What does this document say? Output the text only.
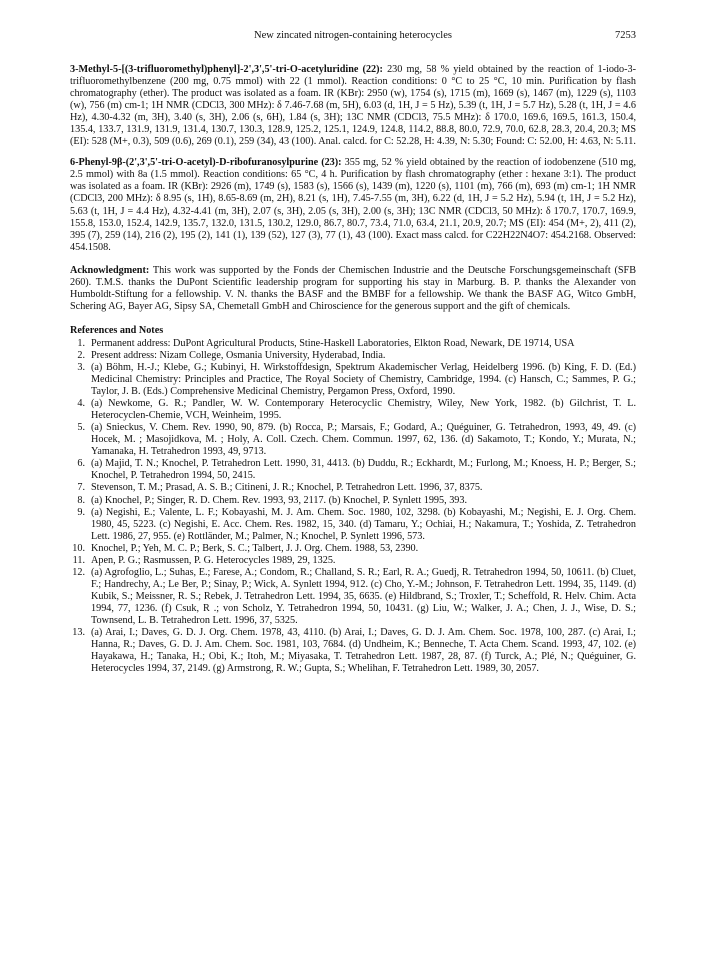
New zincated nitrogen-containing heterocycles	7253

3-Methyl-5-[(3-trifluoromethyl)phenyl]-2',3',5'-tri-O-acetyluridine (22): 230 mg, 58 % yield obtained by the reaction of 1-iodo-3-trifluoromethylbenzene (200 mg, 0.75 mmol) with 22 (1 mmol). Reaction conditions: 0 °C to 25 °C, 10 min. Purification by flash chromatography (ether). The product was isolated as a foam. IR (KBr): 2950 (w), 1754 (s), 1715 (m), 1669 (s), 1467 (m), 1229 (s), 1103 (w), 756 (m) cm-1; 1H NMR (CDCl3, 300 MHz): δ 7.46-7.68 (m, 5H), 6.03 (d, 1H, J = 5 Hz), 5.39 (t, 1H, J = 5.7 Hz), 5.28 (t, 1H, J = 4.6 Hz), 4.30-4.32 (m, 3H), 3.40 (s, 3H), 2.06 (s, 6H), 1.84 (s, 3H); 13C NMR (CDCl3, 75.5 MHz): δ 170.0, 169.6, 169.5, 161.3, 150.4, 135.4, 133.7, 131.9, 131.9, 131.4, 130.7, 130.3, 128.9, 125.2, 125.1, 124.9, 124.8, 114.2, 88.8, 80.0, 72.9, 70.0, 62.8, 28.3, 20.4, 20.3; MS (EI): 528 (M+, 0.3), 509 (0.6), 269 (0.1), 259 (34), 43 (100). Anal. calcd. for C: 52.28, H: 4.39, N: 5.30; Found: C: 52.00, H: 4.63, N: 5.11.

6-Phenyl-9β-(2',3',5'-tri-O-acetyl)-D-ribofuranosylpurine (23): 355 mg, 52 % yield obtained by the reaction of iodobenzene (510 mg, 2.5 mmol) with 8a (1.5 mmol). Reaction conditions: 65 °C, 4 h. Purification by flash chromatography (ether : hexane 3:1). The product was isolated as a foam. IR (KBr): 2926 (m), 1749 (s), 1583 (s), 1566 (s), 1439 (m), 1220 (s), 1101 (m), 766 (m), 693 (m) cm-1; 1H NMR (CDCl3, 200 MHz): δ 8.95 (s, 1H), 8.65-8.69 (m, 2H), 8.21 (s, 1H), 7.45-7.55 (m, 3H), 6.22 (d, 1H, J = 5.2 Hz), 5.94 (t, 1H, J = 5.2 Hz), 5.63 (t, 1H, J = 4.4 Hz), 4.32-4.41 (m, 3H), 2.07 (s, 3H), 2.05 (s, 3H), 2.00 (s, 3H); 13C NMR (CDCl3, 50 MHz): δ 170.7, 170.7, 169.9, 155.8, 153.0, 152.4, 142.9, 135.7, 132.0, 131.5, 130.2, 129.0, 86.7, 80.7, 73.4, 71.0, 63.4, 21.1, 20.9, 20.7; MS (EI): 454 (M+, 2), 411 (2), 395 (7), 259 (14), 216 (2), 195 (2), 141 (1), 139 (52), 127 (3), 77 (1), 43 (100). Exact mass calcd. for C22H22N4O7: 454.2168. Observed: 454.1508.

Acknowledgment: This work was supported by the Fonds der Chemischen Industrie and the Deutsche Forschungsgemeinschaft (SFB 260). T.M.S. thanks the DuPont Scientific leadership program for supporting his stay in Marburg. B. P. thanks the Alexander von Humboldt-Stiftung for a fellowship. V. N. thanks the BASF and the BMBF for a fellowship. We thank the BASF AG, Witco GmbH, Schering AG, Bayer AG, Sipsy SA, Chemetall GmbH and Chiroscience for the generous support and the gift of chemicals.

References and Notes
1. Permanent address: DuPont Agricultural Products, Stine-Haskell Laboratories, Elkton Road, Newark, DE 19714, USA
2. Present address: Nizam College, Osmania University, Hyderabad, India.
3. (a) Böhm, H.-J.; Klebe, G.; Kubinyi, H. Wirkstoffdesign, Spektrum Akademischer Verlag, Heidelberg 1996. (b) King, F. D. (Ed.) Medicinal Chemistry: Principles and Practice, The Royal Society of Chemistry, Cambridge, 1994. (c) Hansch, C.; Sammes, P. G.; Taylor, J. B. (Eds.) Comprehensive Medicinal Chemistry, Pergamon Press, Oxford, 1990.
4. (a) Newkome, G. R.; Pandler, W. W. Contemporary Heterocyclic Chemistry, Wiley, New York, 1982. (b) Gilchrist, T. L. Heterocyclen-Chemie, VCH, Weinheim, 1995.
5. (a) Snieckus, V. Chem. Rev. 1990, 90, 879. (b) Rocca, P.; Marsais, F.; Godard, A.; Quéguiner, G. Tetrahedron, 1993, 49, 49. (c) Hocek, M. ; Masojidkova, M. ; Holy, A. Coll. Czech. Chem. Commun. 1997, 62, 136. (d) Sakamoto, T.; Kondo, Y.; Murata, N.; Yamanaka, H. Tetrahedron 1993, 49, 9713.
6. (a) Majid, T. N.; Knochel, P. Tetrahedron Lett. 1990, 31, 4413. (b) Duddu, R.; Eckhardt, M.; Furlong, M.; Knoess, H. P.; Berger, S.; Knochel, P. Tetrahedron 1994, 50, 2415.
7. Stevenson, T. M.; Prasad, A. S. B.; Citineni, J. R.; Knochel, P. Tetrahedron Lett. 1996, 37, 8375.
8. (a) Knochel, P.; Singer, R. D. Chem. Rev. 1993, 93, 2117. (b) Knochel, P. Synlett 1995, 393.
9. (a) Negishi, E.; Valente, L. F.; Kobayashi, M. J. Am. Chem. Soc. 1980, 102, 3298. (b) Kobayashi, M.; Negishi, E. J. Org. Chem. 1980, 45, 5223. (c) Negishi, E. Acc. Chem. Res. 1982, 15, 340. (d) Tamaru, Y.; Ochiai, H.; Nakamura, T.; Yoshida, Z. Tetrahedron Lett. 1986, 27, 955. (e) Rottländer, M.; Palmer, N.; Knochel, P. Synlett 1996, 573.
10. Knochel, P.; Yeh, M. C. P.; Berk, S. C.; Talbert, J. J. Org. Chem. 1988, 53, 2390.
11. Apen, P. G.; Rasmussen, P. G. Heterocycles 1989, 29, 1325.
12. (a) Agrofoglio, L.; Suhas, E.; Farese, A.; Condom, R.; Challand, S. R.; Earl, R. A.; Guedj, R. Tetrahedron 1994, 50, 10611. (b) Cluet, F.; Handrechy, A.; Le Ber, P.; Sinay, P.; Wick, A. Synlett 1994, 912. (c) Cho, Y.-M.; Johnson, F. Tetrahedron Lett. 1994, 35, 1149. (d) Kubik, S.; Meissner, R. S.; Rebek, J. Tetrahedron Lett. 1994, 35, 6635. (e) Hildbrand, S.; Troxler, T.; Scheffold, R. Helv. Chim. Acta 1994, 77, 1236. (f) Csuk, R .; von Scholz, Y. Tetrahedron 1994, 50, 10431. (g) Liu, W.; Walker, J. A.; Chen, J. J., Wise, D. S.; Townsend, L. B. Tetrahedron Lett. 1996, 37, 5325.
13. (a) Arai, I.; Daves, G. D. J. Org. Chem. 1978, 43, 4110. (b) Arai, I.; Daves, G. D. J. Am. Chem. Soc. 1978, 100, 287. (c) Arai, I.; Hanna, R.; Daves, G. D. J. Am. Chem. Soc. 1981, 103, 7684. (d) Undheim, K.; Benneche, T. Acta Chem. Scand. 1993, 47, 102. (e) Hayakawa, H.; Tanaka, H.; Obi, K.; Itoh, M.; Miyasaka, T. Tetrahedron Lett. 1987, 28, 87. (f) Turck, A.; Plé, N.; Quéguiner, G. Heterocycles 1994, 37, 2149. (g) Armstrong, R. W.; Gupta, S.; Whelihan, F. Tetrahedron Lett. 1989, 30, 2057.
